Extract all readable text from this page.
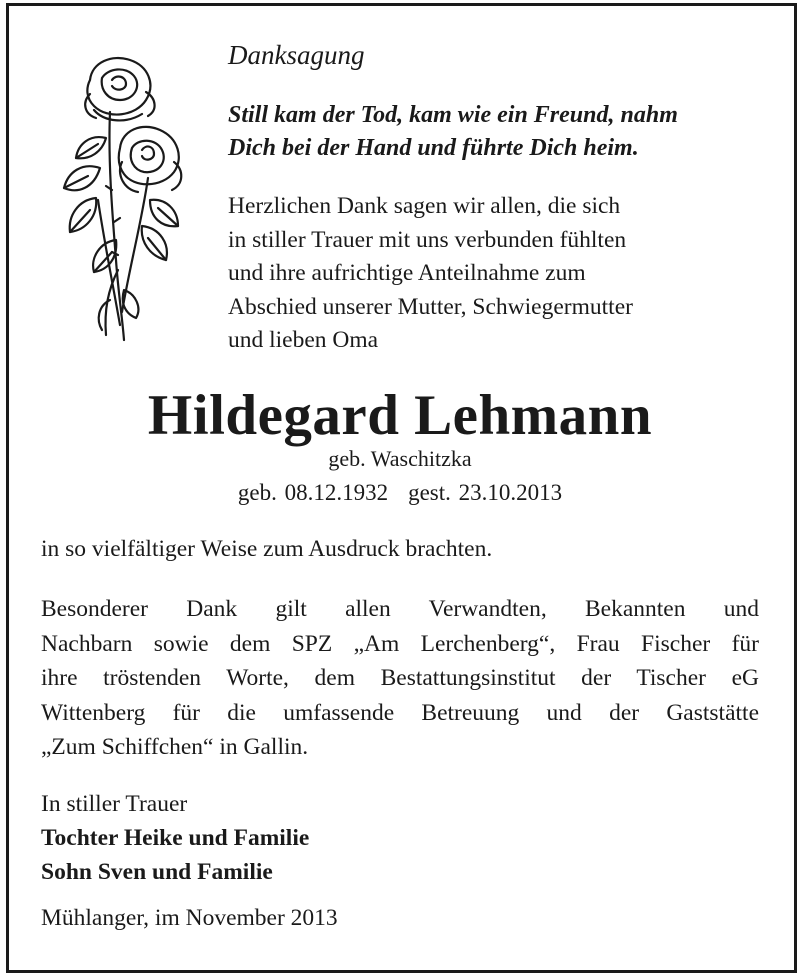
Danksagung
Still kam der Tod, kam wie ein Freund, nahm
Dich bei der Hand und führte Dich heim.
Herzlichen Dank sagen wir allen, die sich
in stiller Trauer mit uns verbunden fühlten
und ihre aufrichtige Anteilnahme zum
Abschied unserer Mutter, Schwiegermutter
und lieben Oma
Hildegard Lehmann
geb. Waschitzka
geb. 08.12.1932 gest. 23.10.2013
in so vielfältiger Weise zum Ausdruck brachten.
Besonderer Dank gilt allen Verwandten, Bekannten und
Nachbarn sowie dem SPZ „Am Lerchenberg“, Frau Fischer für
ihre tröstenden Worte, dem Bestattungsinstitut der Tischer eG
Wittenberg für die umfassende Betreuung und der Gaststätte
„Zum Schiffchen“ in Gallin.
In stiller Trauer
Tochter Heike und Familie
Sohn Sven und Familie
Mühlanger, im November 2013
